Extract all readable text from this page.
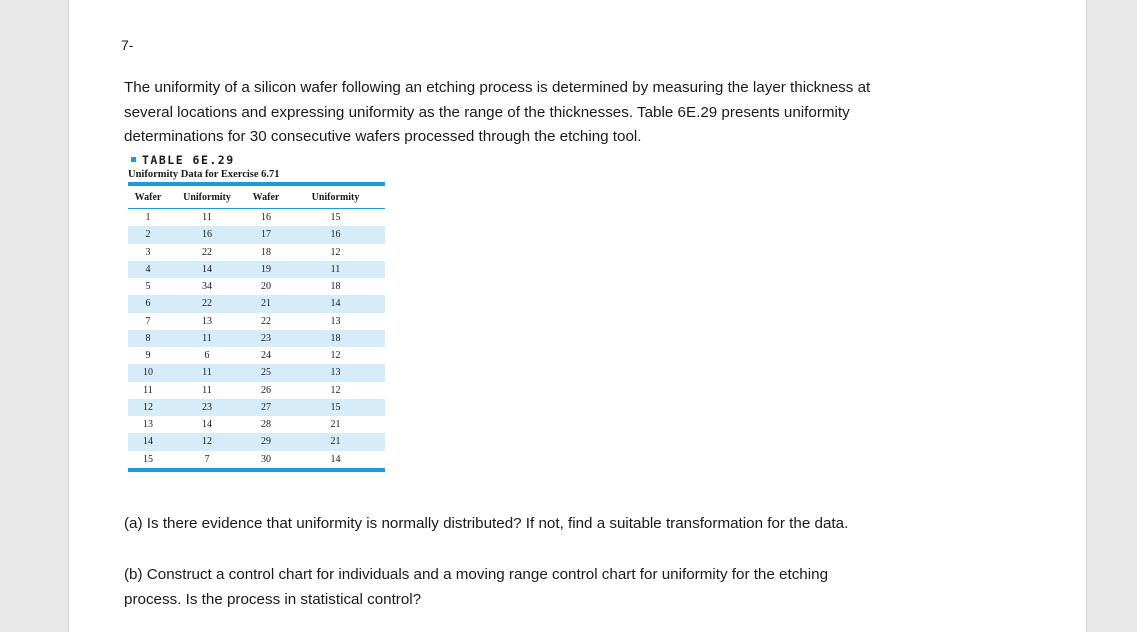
7-
The uniformity of a silicon wafer following an etching process is determined by measuring the layer thickness at
several locations and expressing uniformity as the range of the thicknesses. Table 6E.29 presents uniformity
determinations for 30 consecutive wafers processed through the etching tool.
TABLE 6E.29
Uniformity Data for Exercise 6.71
Wafer	Uniformity	Wafer	Uniformity
1	11	16	15
2	16	17	16
3	22	18	12
4	14	19	11
5	34	20	18
6	22	21	14
7	13	22	13
8	11	23	18
9	6	24	12
10	11	25	13
11	11	26	12
12	23	27	15
13	14	28	21
14	12	29	21
15	7	30	14
(a) Is there evidence that uniformity is normally distributed? If not, find a suitable transformation for the data.
(b) Construct a control chart for individuals and a moving range control chart for uniformity for the etching
process. Is the process in statistical control?
